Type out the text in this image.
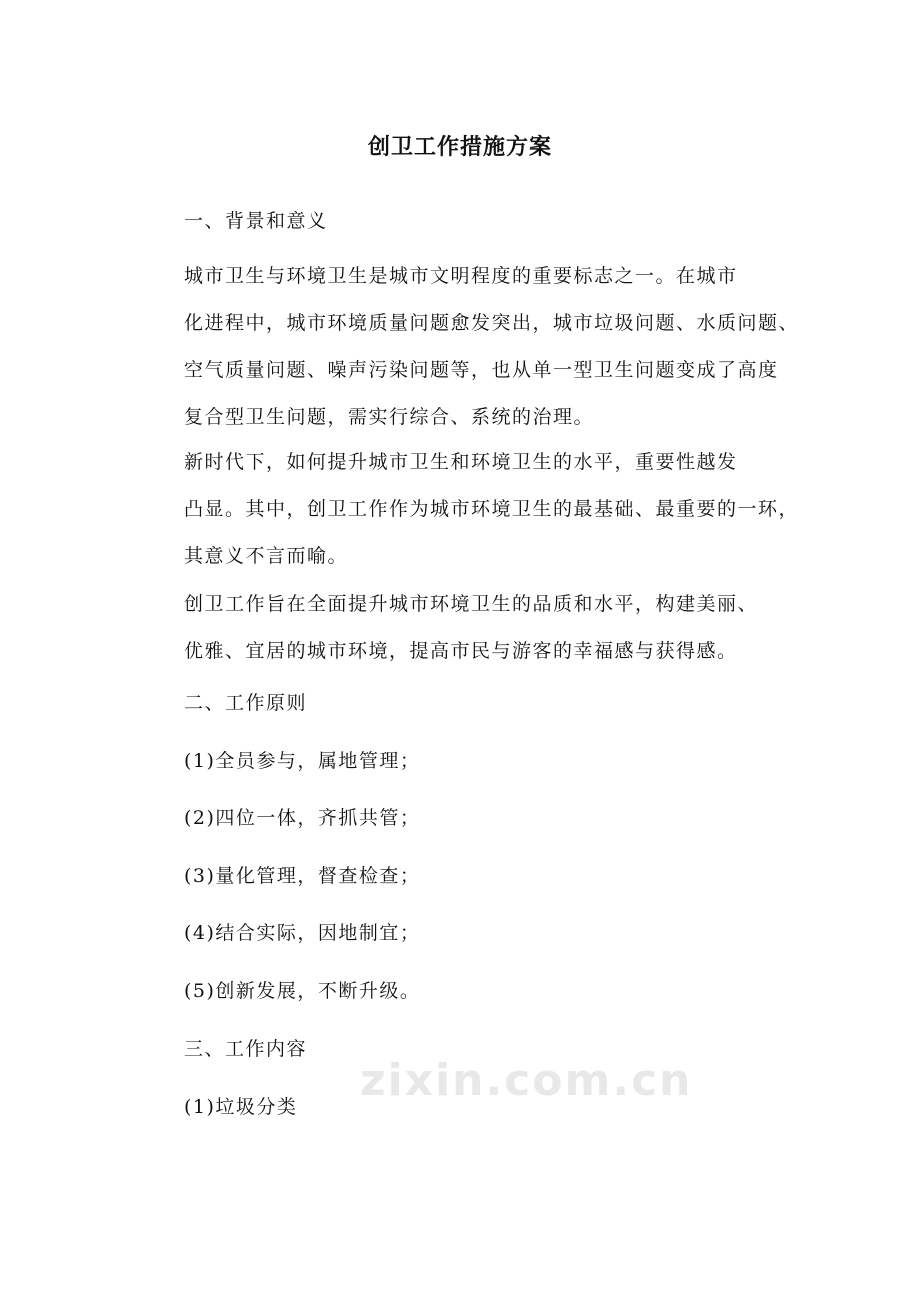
创卫工作措施方案
一、背景和意义
城市卫生与环境卫生是城市文明程度的重要标志之一。在城市
化进程中，城市环境质量问题愈发突出，城市垃圾问题、水质问题、
空气质量问题、噪声污染问题等，也从单一型卫生问题变成了高度
复合型卫生问题，需实行综合、系统的治理。
新时代下，如何提升城市卫生和环境卫生的水平，重要性越发
凸显。其中，创卫工作作为城市环境卫生的最基础、最重要的一环，
其意义不言而喻。
创卫工作旨在全面提升城市环境卫生的品质和水平，构建美丽、
优雅、宜居的城市环境，提高市民与游客的幸福感与获得感。
二、工作原则
(1)全员参与，属地管理；
(2)四位一体，齐抓共管；
(3)量化管理，督查检查；
(4)结合实际，因地制宜；
(5)创新发展，不断升级。
三、工作内容
(1)垃圾分类
zixin.com.cn
